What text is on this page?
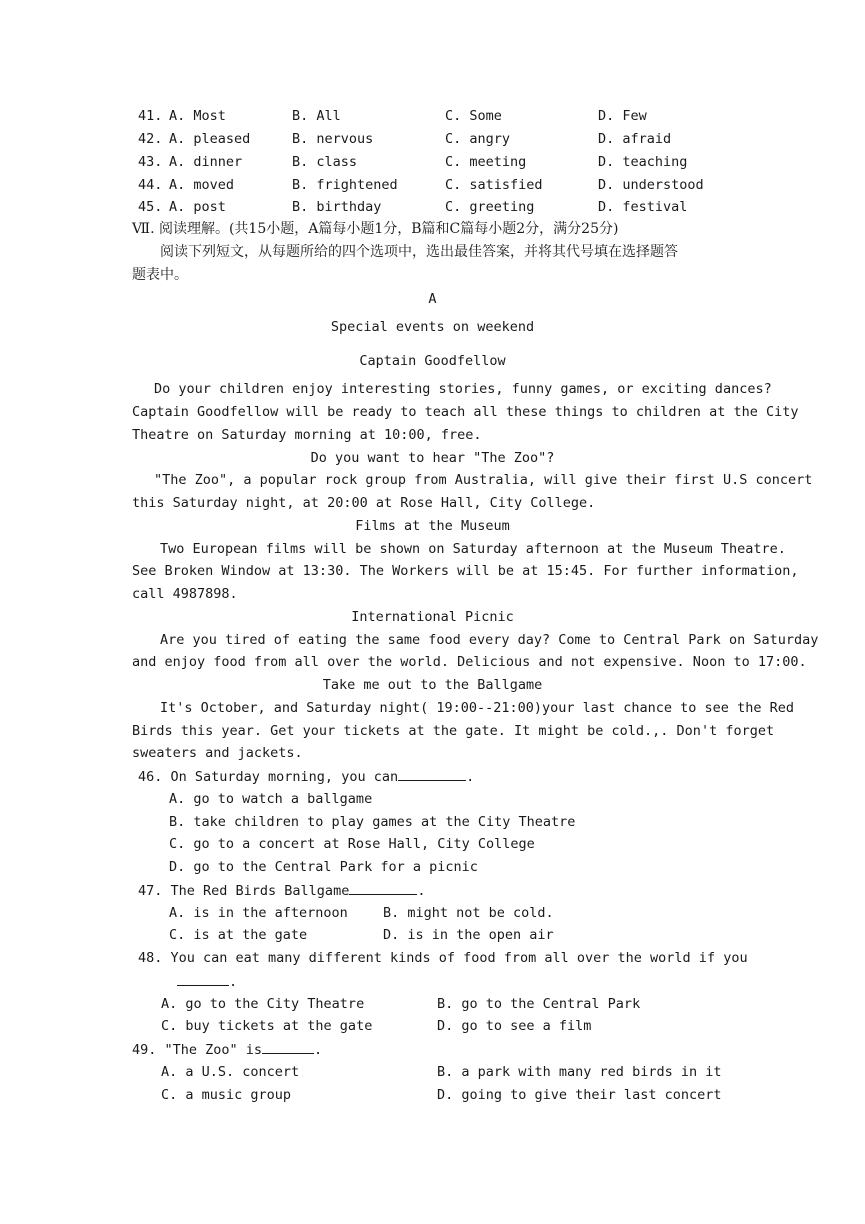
41. A. Most	B. All	C. Some	D. Few
42. A. pleased	B. nervous	C. angry	D. afraid
43. A. dinner	B. class	C. meeting	D. teaching
44. A. moved	B. frightened	C. satisfied	D. understood
45. A. post	B. birthday	C. greeting	D. festival
Ⅶ. 阅读理解。(共15小题，A篇每小题1分，B篇和C篇每小题2分，满分25分)
阅读下列短文，从每题所给的四个选项中，选出最佳答案，并将其代号填在选择题答
题表中。
A
Special events on weekend
Captain Goodfellow
Do your children enjoy interesting stories, funny games, or exciting dances?
Captain Goodfellow will be ready to teach all these things to children at the City
Theatre on Saturday morning at 10:00, free.
Do you want to hear "The Zoo"?
"The Zoo", a popular rock group from Australia, will give their first U.S concert
this Saturday night, at 20:00 at Rose Hall, City College.
Films at the Museum
Two European films will be shown on Saturday afternoon at the Museum Theatre.
See Broken Window at 13:30. The Workers will be at 15:45. For further information,
call 4987898.
International Picnic
Are you tired of eating the same food every day? Come to Central Park on Saturday
and enjoy food from all over the world. Delicious and not expensive. Noon to 17:00.
Take me out to the Ballgame
It's October, and Saturday night( 19:00--21:00)your last chance to see the Red
Birds this year. Get your tickets at the gate. It might be cold.,. Don't forget
sweaters and jackets.
46. On Saturday morning, you can	.
A. go to watch a ballgame
B. take children to play games at the City Theatre
C. go to a concert at Rose Hall, City College
D. go to the Central Park for a picnic
47. The Red Birds Ballgame	.
A. is in the afternoon	B. might not be cold.
C. is at the gate	D. is in the open air
48. You can eat many different kinds of food from all over the world if you
.
A. go to the City Theatre	B. go to the Central Park
C. buy tickets at the gate	D. go to see a film
49. "The Zoo" is	.
A. a U.S. concert	B. a park with many red birds in it
C. a music group	D. going to give their last concert
